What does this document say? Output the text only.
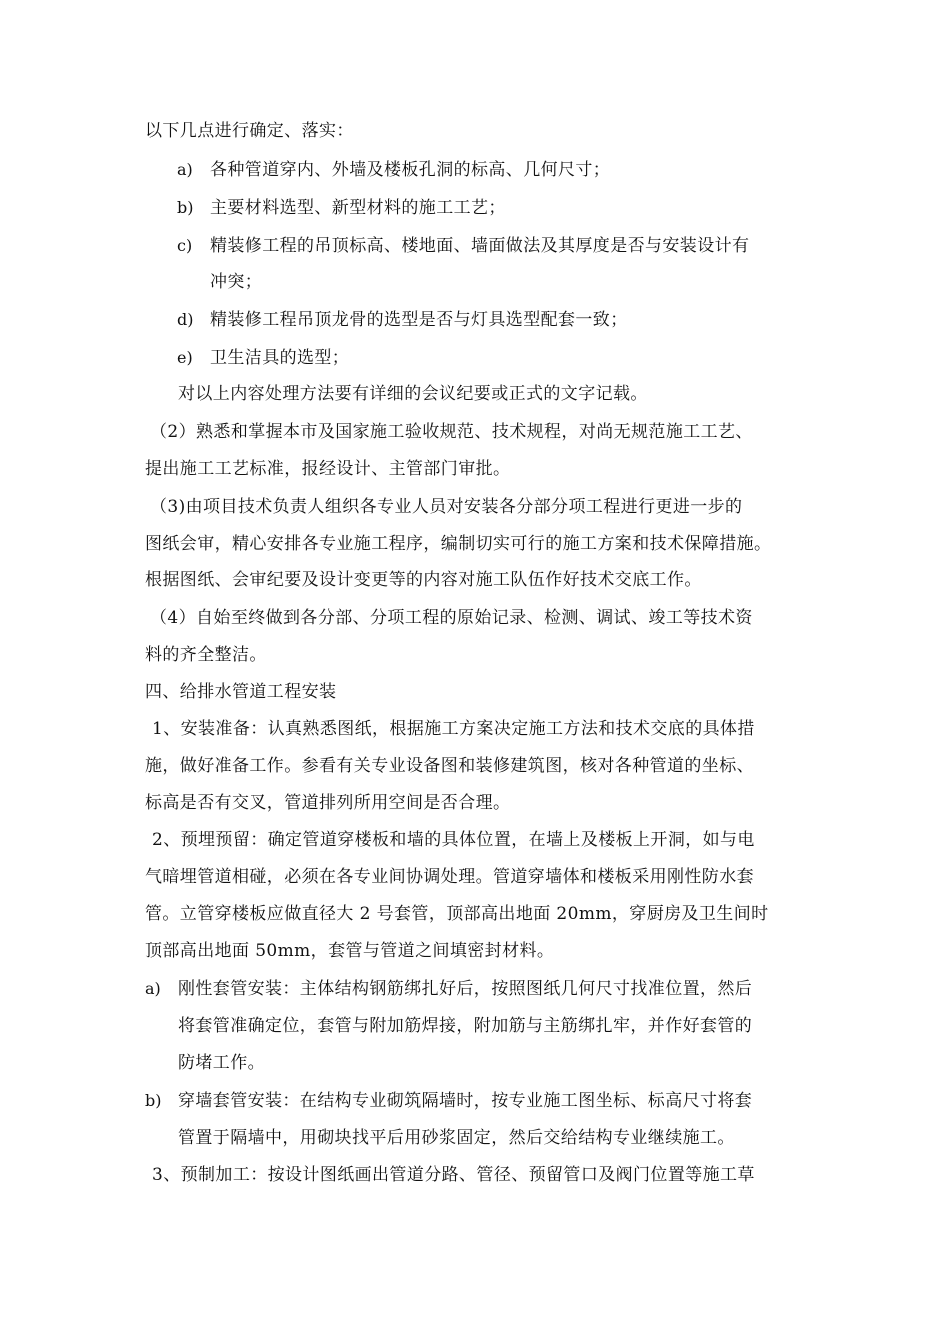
以下几点进行确定、落实：
a) 各种管道穿内、外墙及楼板孔洞的标高、几何尺寸；
b) 主要材料选型、新型材料的施工工艺；
c) 精装修工程的吊顶标高、楼地面、墙面做法及其厚度是否与安装设计有
冲突；
d) 精装修工程吊顶龙骨的选型是否与灯具选型配套一致；
e) 卫生洁具的选型；
对以上内容处理方法要有详细的会议纪要或正式的文字记载。
（2）熟悉和掌握本市及国家施工验收规范、技术规程，对尚无规范施工工艺、
提出施工工艺标准，报经设计、主管部门审批。
（3)由项目技术负责人组织各专业人员对安装各分部分项工程进行更进一步的
图纸会审，精心安排各专业施工程序，编制切实可行的施工方案和技术保障措施。
根据图纸、会审纪要及设计变更等的内容对施工队伍作好技术交底工作。
（4）自始至终做到各分部、分项工程的原始记录、检测、调试、竣工等技术资
料的齐全整洁。
四、给排水管道工程安装
1、安装准备：认真熟悉图纸，根据施工方案决定施工方法和技术交底的具体措
施，做好准备工作。参看有关专业设备图和装修建筑图，核对各种管道的坐标、
标高是否有交叉，管道排列所用空间是否合理。
2、预埋预留：确定管道穿楼板和墙的具体位置，在墙上及楼板上开洞，如与电
气暗埋管道相碰，必须在各专业间协调处理。管道穿墙体和楼板采用刚性防水套
管。立管穿楼板应做直径大 2 号套管，顶部高出地面 20mm，穿厨房及卫生间时
顶部高出地面 50mm，套管与管道之间填密封材料。
a) 刚性套管安装：主体结构钢筋绑扎好后，按照图纸几何尺寸找准位置，然后
将套管准确定位，套管与附加筋焊接，附加筋与主筋绑扎牢，并作好套管的
防堵工作。
b) 穿墙套管安装：在结构专业砌筑隔墙时，按专业施工图坐标、标高尺寸将套
管置于隔墙中，用砌块找平后用砂浆固定，然后交给结构专业继续施工。
3、预制加工：按设计图纸画出管道分路、管径、预留管口及阀门位置等施工草
